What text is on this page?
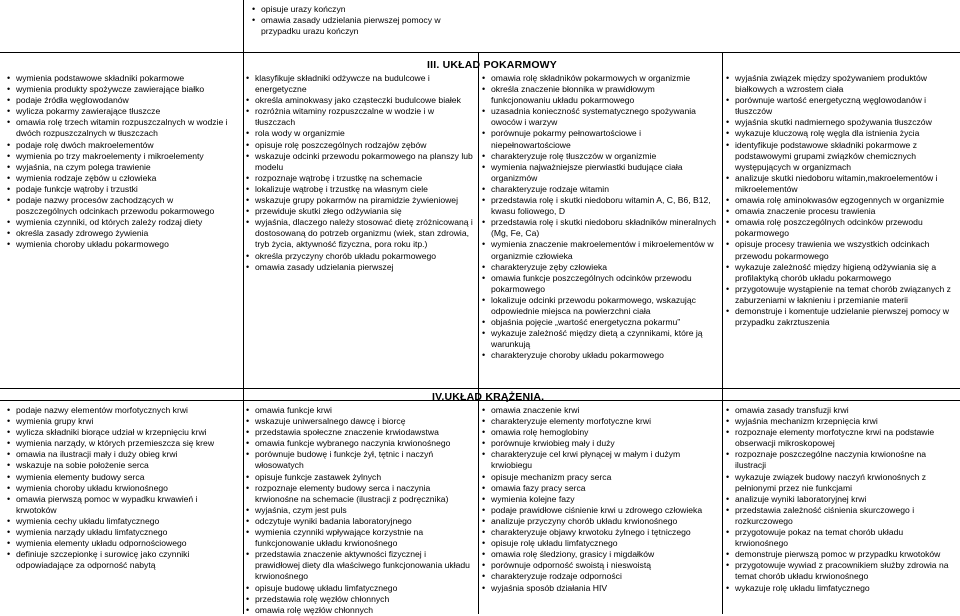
• opisuje urazy kończyn
• omawia zasady udzielania pierwszej pomocy w przypadku urazu kończyn
III. UKŁAD POKARMOWY
IV.UKŁAD KRĄŻENIA.
• wymienia podstawowe składniki pokarmowe
• wymienia produkty spożywcze zawierające białko
• podaje źródła węglowodanów
• wylicza pokarmy zawierające tłuszcze
• omawia rolę trzech witamin rozpuszczalnych w wodzie i dwóch rozpuszczalnych w tłuszczach
• podaje rolę dwóch makroelementów
• wymienia po trzy makroelementy i mikroelementy
• wyjaśnia, na czym polega trawienie
• wymienia rodzaje zębów u człowieka
• podaje funkcje wątroby i trzustki
• podaje nazwy procesów zachodzących w poszczególnych odcinkach przewodu pokarmowego
• wymienia czynniki, od których zależy rodzaj diety
• określa zasady zdrowego żywienia
• wymienia choroby układu pokarmowego
• klasyfikuje składniki odżywcze na budulcowe i energetyczne
• określa aminokwasy jako cząsteczki budulcowe białek
• rozróżnia witaminy rozpuszczalne w wodzie i w tłuszczach
• rola wody w organizmie
• opisuje rolę poszczególnych rodzajów zębów
• wskazuje odcinki przewodu pokarmowego na planszy lub modelu
• rozpoznaje wątrobę i trzustkę na schemacie
• lokalizuje wątrobę i trzustkę na własnym ciele
• wskazuje grupy pokarmów na piramidzie żywieniowej
• przewiduje skutki złego odżywiania się
• wyjaśnia, dlaczego należy stosować dietę zróżnicowaną i dostosowaną do potrzeb organizmu (wiek, stan zdrowia, tryb życia, aktywność fizyczna, pora roku itp.)
• określa przyczyny chorób układu pokarmowego
• omawia zasady udzielania pierwszej
• omawia rolę składników pokarmowych w organizmie
• określa znaczenie błonnika w prawidłowym funkcjonowaniu układu pokarmowego
• uzasadnia konieczność systematycznego spożywania owoców i warzyw
• porównuje pokarmy pełnowartościowe i niepełnowartościowe
• charakteryzuje rolę tłuszczów w organizmie
• wymienia najważniejsze pierwiastki budujące ciała organizmów
• charakteryzuje rodzaje witamin
• przedstawia rolę i skutki niedoboru witamin A, C, B6, B12, kwasu foliowego, D
• przedstawia rolę i skutki niedoboru składników mineralnych (Mg, Fe, Ca)
• wymienia znaczenie makroelementów i mikroelementów w organizmie człowieka
• charakteryzuje zęby człowieka
• omawia funkcje poszczególnych odcinków przewodu pokarmowego
• lokalizuje odcinki przewodu pokarmowego, wskazując odpowiednie miejsca na powierzchni ciała
• objaśnia pojęcie „wartość energetyczna pokarmu”
• wykazuje zależność między dietą a czynnikami, które ją warunkują
• charakteryzuje choroby układu pokarmowego
• wyjaśnia związek między spożywaniem produktów białkowych a wzrostem ciała
• porównuje wartość energetyczną węglowodanów i tłuszczów
• wyjaśnia skutki nadmiernego spożywania tłuszczów
• wykazuje kluczową rolę węgla dla istnienia życia
• identyfikuje podstawowe składniki pokarmowe z podstawowymi grupami związków chemicznych występujących w organizmach
• analizuje skutki niedoboru witamin,makroelementów i mikroelementów
• omawia rolę aminokwasów egzogennych w organizmie
• omawia znaczenie procesu trawienia
• omawia rolę poszczególnych odcinków przewodu pokarmowego
• opisuje procesy trawienia we wszystkich odcinkach przewodu pokarmowego
• wykazuje zależność między higieną odżywiania się a profilaktyką chorób układu pokarmowego
• przygotowuje wystąpienie na temat chorób związanych z zaburzeniami w łaknieniu i przemianie materii
• demonstruje i komentuje udzielanie pierwszej pomocy w przypadku zakrztuszenia
• podaje nazwy elementów morfotycznych krwi
• wymienia grupy krwi
• wylicza składniki biorące udział w krzepnięciu krwi
• wymienia narządy, w których przemieszcza się krew
• omawia na ilustracji mały i duży obieg krwi
• wskazuje na sobie położenie serca
• wymienia elementy budowy serca
• wymienia choroby układu krwionośnego
• omawia pierwszą pomoc w wypadku krwawień i krwotoków
• wymienia cechy układu limfatycznego
• wymienia narządy układu limfatycznego
• wymienia elementy układu odpornościowego
• definiuje szczepionkę i surowicę jako czynniki odpowiadające za odporność nabytą
• omawia funkcje krwi
• wskazuje uniwersalnego dawcę i biorcę
• przedstawia społeczne znaczenie krwiodawstwa
• omawia funkcje wybranego naczynia krwionośnego
• porównuje budowę i funkcje żył, tętnic i naczyń włosowatych
• opisuje funkcje zastawek żylnych
• rozpoznaje elementy budowy serca i naczynia krwionośne na schemacie (ilustracji z podręcznika)
• wyjaśnia, czym jest puls
• odczytuje wyniki badania laboratoryjnego
• wymienia czynniki wpływające korzystnie na funkcjonowanie układu krwionośnego
• przedstawia znaczenie aktywności fizycznej i prawidłowej diety dla właściwego funkcjonowania układu krwionośnego
• opisuje budowę układu limfatycznego
• przedstawia rolę węzłów chłonnych
• omawia rolę węzłów chłonnych
• omawia znaczenie krwi
• charakteryzuje elementy morfotyczne krwi
• omawia rolę hemoglobiny
• porównuje krwiobieg mały i duży
• charakteryzuje cel krwi płynącej w małym i dużym krwiobiegu
• opisuje mechanizm pracy serca
• omawia fazy pracy serca
• wymienia kolejne fazy
• podaje prawidłowe ciśnienie krwi u zdrowego człowieka
• analizuje przyczyny chorób układu krwionośnego
• charakteryzuje objawy krwotoku żylnego i tętniczego
• opisuje rolę układu limfatycznego
• omawia rolę śledziony, grasicy i migdałków
• porównuje odporność swoistą i nieswoistą
• charakteryzuje rodzaje odporności
• wyjaśnia sposób działania HIV
• omawia zasady transfuzji krwi
• wyjaśnia mechanizm krzepnięcia krwi
• rozpoznaje elementy morfotyczne krwi na podstawie obserwacji mikroskopowej
• rozpoznaje poszczególne naczynia krwionośne na ilustracji
• wykazuje związek budowy naczyń krwionośnych z pełnionymi przez nie funkcjami
• analizuje wyniki laboratoryjnej krwi
• przedstawia zależność ciśnienia skurczowego i rozkurczowego
• przygotowuje pokaz na temat chorób układu krwionośnego
• demonstruje pierwszą pomoc w przypadku krwotoków
• przygotowuje wywiad z pracownikiem służby zdrowia na temat chorób układu krwionośnego
• wykazuje rolę układu limfatycznego
